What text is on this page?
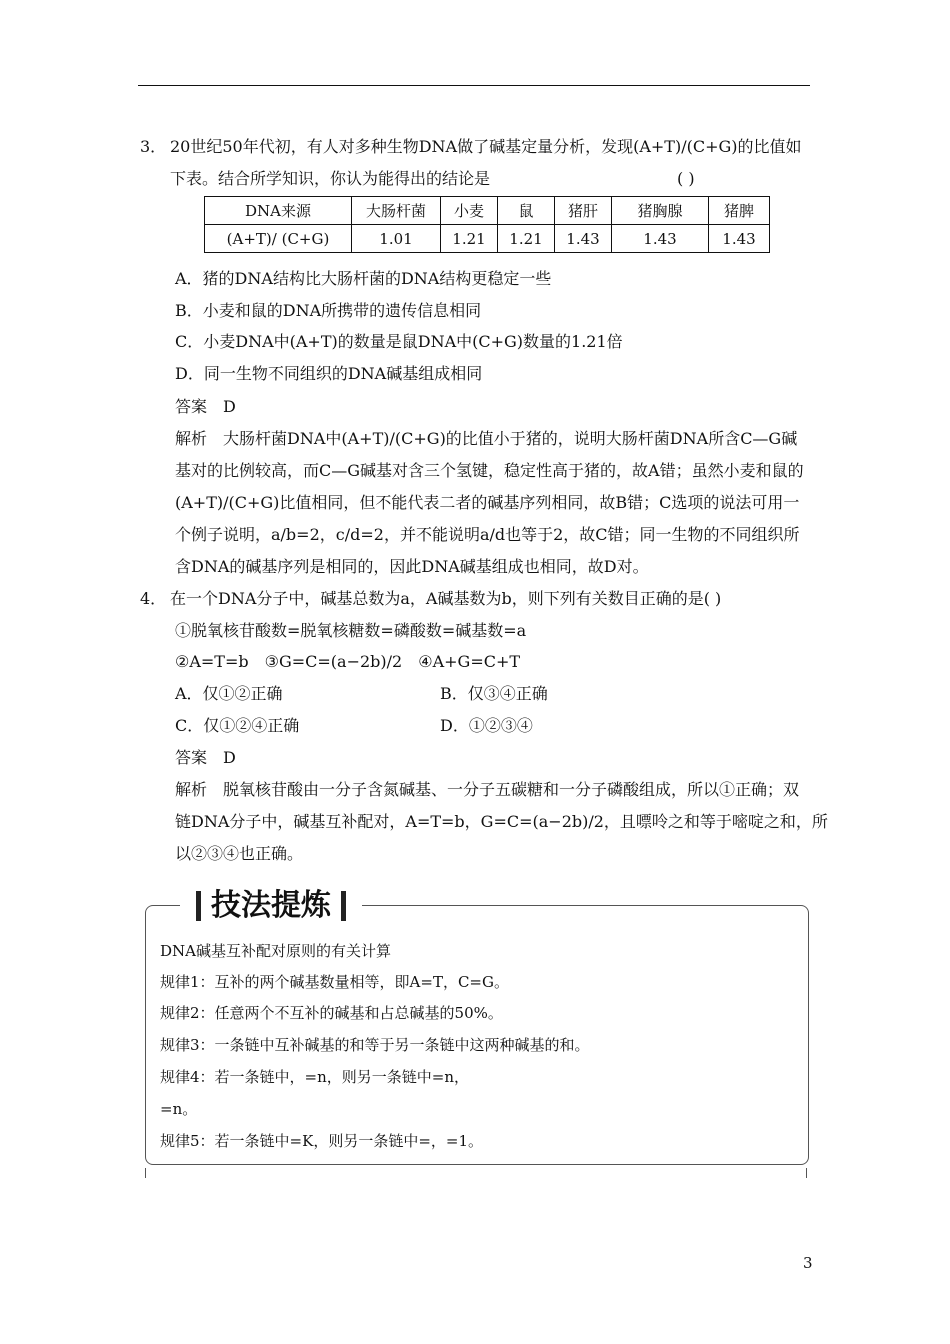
3． 20世纪50年代初，有人对多种生物DNA做了碱基定量分析，发现(A+T)/(C+G)的比值如
下表。结合所学知识，你认为能得出的结论是	( )
DNA来源	大肠杆菌	小麦	鼠	猪肝	猪胸腺	猪脾
(A+T)/ (C+G)	1.01	1.21	1.21	1.43	1.43	1.43
A．猪的DNA结构比大肠杆菌的DNA结构更稳定一些
B．小麦和鼠的DNA所携带的遗传信息相同
C．小麦DNA中(A+T)的数量是鼠DNA中(C+G)数量的1.21倍
D．同一生物不同组织的DNA碱基组成相同
答案　D
解析　大肠杆菌DNA中(A+T)/(C+G)的比值小于猪的，说明大肠杆菌DNA所含C—G碱
基对的比例较高，而C—G碱基对含三个氢键，稳定性高于猪的，故A错；虽然小麦和鼠的
(A+T)/(C+G)比值相同，但不能代表二者的碱基序列相同，故B错；C选项的说法可用一
个例子说明，a/b=2，c/d=2，并不能说明a/d也等于2，故C错；同一生物的不同组织所
含DNA的碱基序列是相同的，因此DNA碱基组成也相同，故D对。
4． 在一个DNA分子中，碱基总数为a，A碱基数为b，则下列有关数目正确的是( )
①脱氧核苷酸数=脱氧核糖数=磷酸数=碱基数=a
②A=T=b　③G=C=(a−2b)/2　④A+G=C+T
A．仅①②正确	B．仅③④正确
C．仅①②④正确	D．①②③④
答案　D
解析　脱氧核苷酸由一分子含氮碱基、一分子五碳糖和一分子磷酸组成，所以①正确；双
链DNA分子中，碱基互补配对，A=T=b，G=C=(a−2b)/2，且嘌呤之和等于嘧啶之和，所
以②③④也正确。
技法提炼
DNA碱基互补配对原则的有关计算
规律1：互补的两个碱基数量相等，即A=T，C=G。
规律2：任意两个不互补的碱基和占总碱基的50%。
规律3：一条链中互补碱基的和等于另一条链中这两种碱基的和。
规律4：若一条链中，=n，则另一条链中=n，
=n。
规律5：若一条链中=K，则另一条链中=，=1。
3
